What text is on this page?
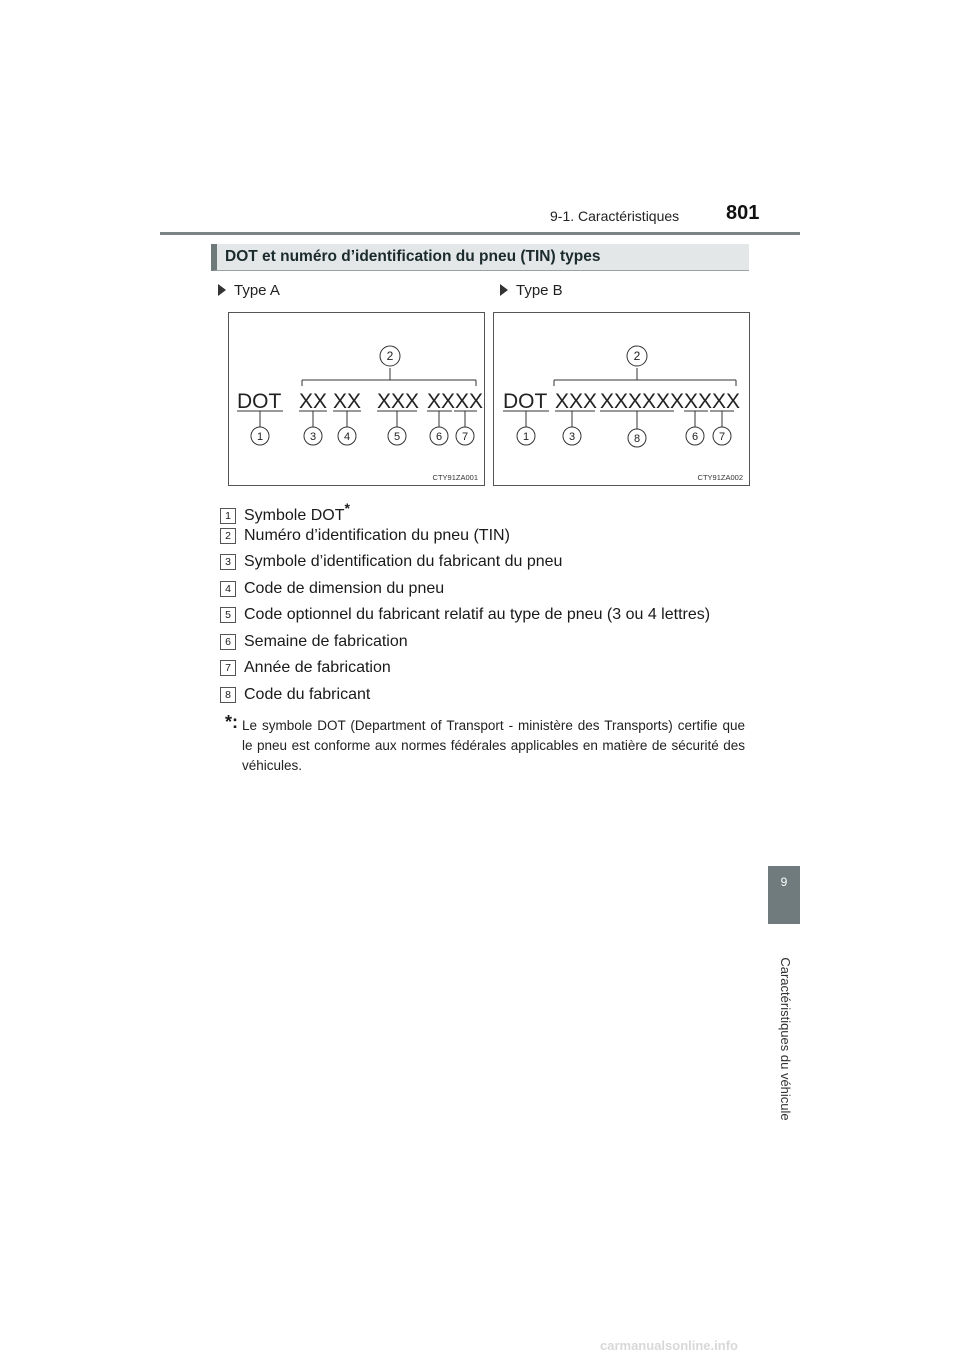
9-1. Caractéristiques 801
9
Caractéristiques du véhicule
DOT et numéro d’identification du pneu (TIN) types
Type A	Type B
2
DOT XX XX XXX XXXX
1	3	4	5	6 7
CTY91ZA001
2
DOT XXX XXXXXX XXXX
1	3	8	6 7
CTY91ZA002
1 Symbole DOT*
2 Numéro d’identification du pneu (TIN)
3 Symbole d’identification du fabricant du pneu
4 Code de dimension du pneu
5 Code optionnel du fabricant relatif au type de pneu (3 ou 4 lettres)
6 Semaine de fabrication
7 Année de fabrication
8 Code du fabricant
*: Le symbole DOT (Department of Transport - ministère des Transports) certifie que le pneu est conforme aux normes fédérales applicables en matière de sécurité des véhicules.
carmanualsonline.info
